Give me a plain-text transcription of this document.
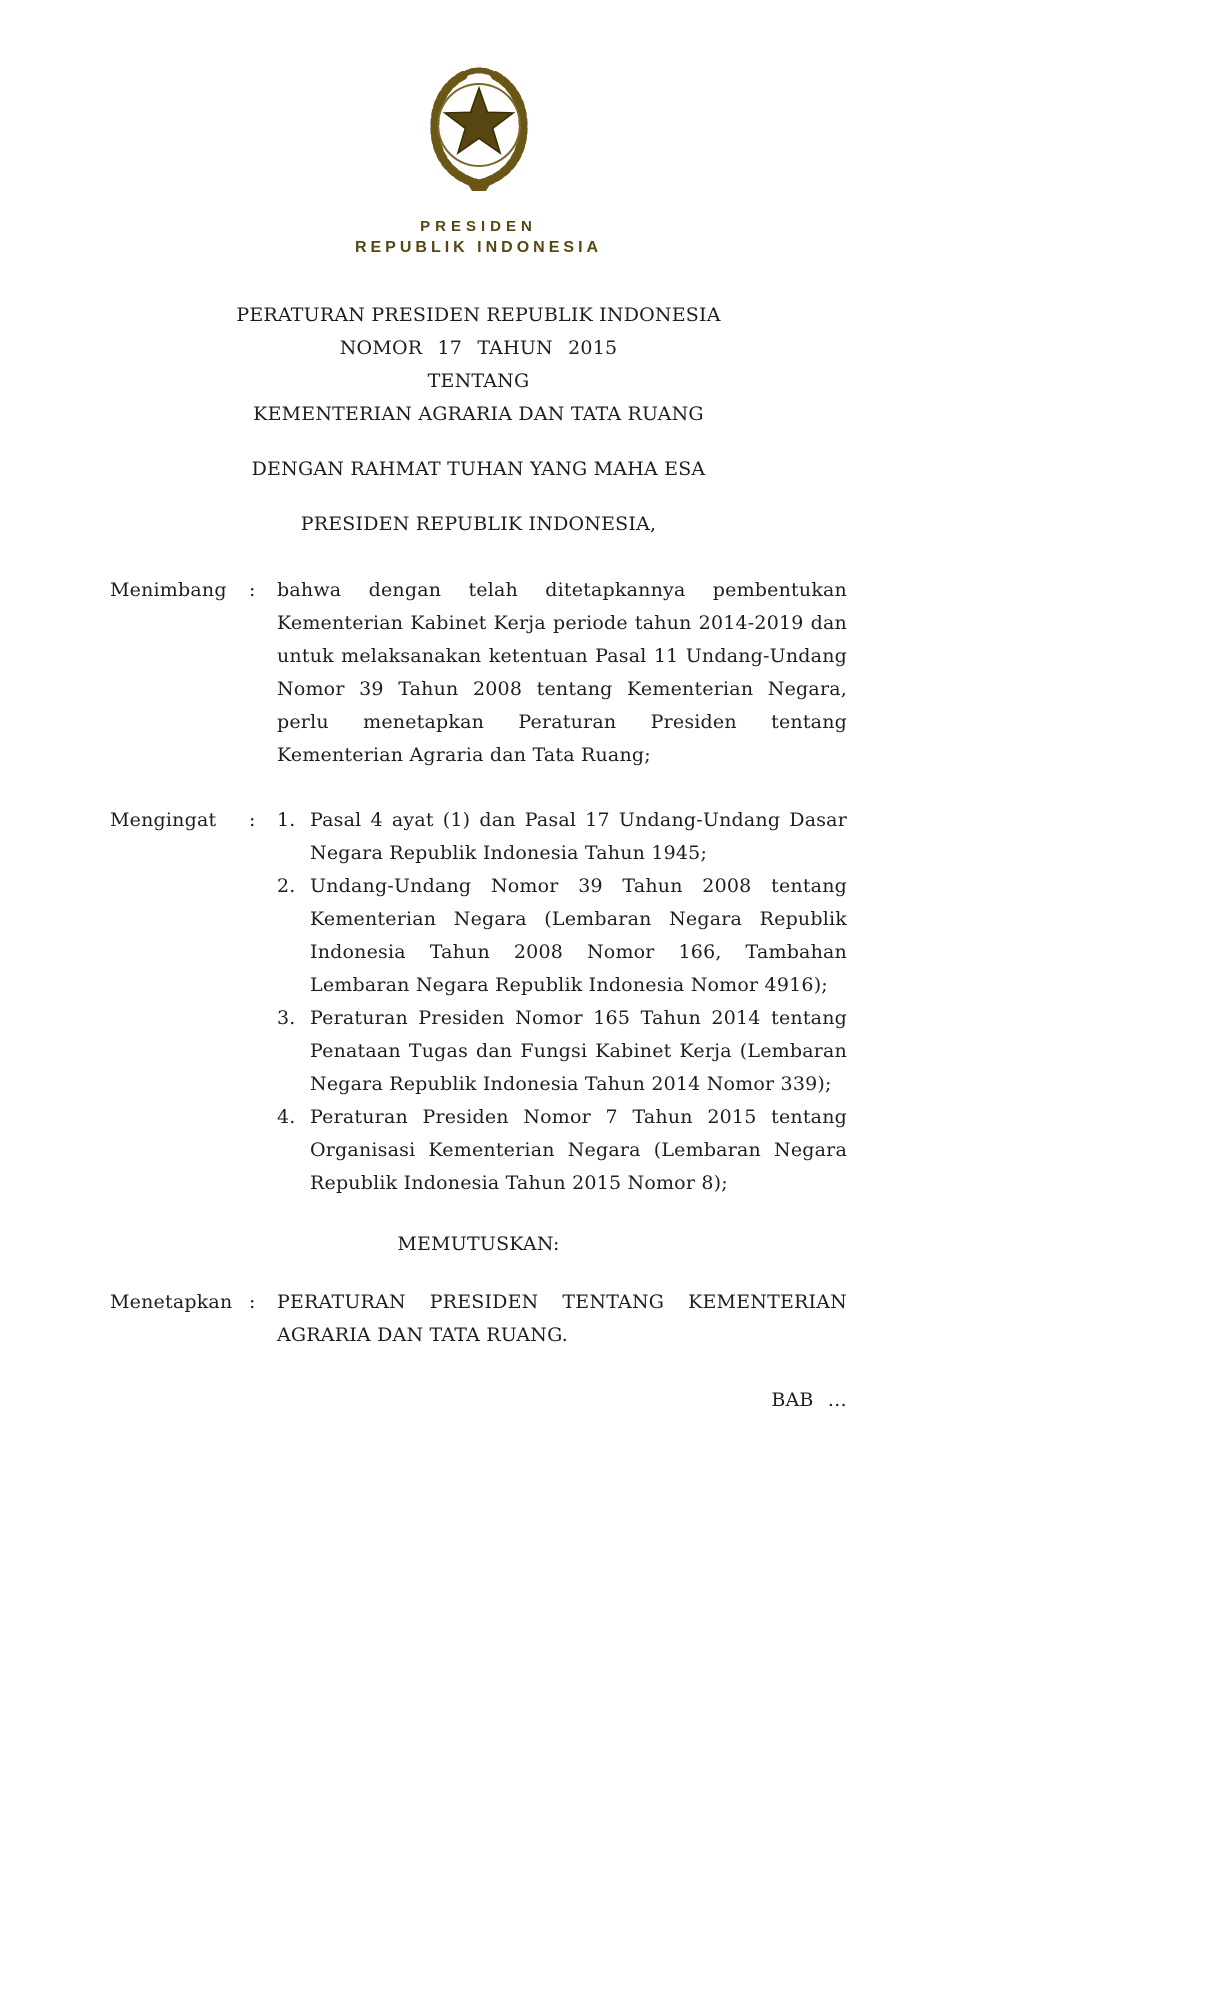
PRESIDEN
REPUBLIK INDONESIA
PERATURAN PRESIDEN REPUBLIK INDONESIA
NOMOR 17 TAHUN 2015
TENTANG
KEMENTERIAN AGRARIA DAN TATA RUANG
DENGAN RAHMAT TUHAN YANG MAHA ESA
PRESIDEN REPUBLIK INDONESIA,
Menimbang	:	bahwa dengan telah ditetapkannya pembentukan Kementerian Kabinet Kerja periode tahun 2014-2019 dan untuk melaksanakan ketentuan Pasal 11 Undang-Undang Nomor 39 Tahun 2008 tentang Kementerian Negara, perlu menetapkan Peraturan Presiden tentang Kementerian Agraria dan Tata Ruang;
Mengingat	:	1. Pasal 4 ayat (1) dan Pasal 17 Undang-Undang Dasar Negara Republik Indonesia Tahun 1945;
2. Undang-Undang Nomor 39 Tahun 2008 tentang Kementerian Negara (Lembaran Negara Republik Indonesia Tahun 2008 Nomor 166, Tambahan Lembaran Negara Republik Indonesia Nomor 4916);
3. Peraturan Presiden Nomor 165 Tahun 2014 tentang Penataan Tugas dan Fungsi Kabinet Kerja (Lembaran Negara Republik Indonesia Tahun 2014 Nomor 339);
4. Peraturan Presiden Nomor 7 Tahun 2015 tentang Organisasi Kementerian Negara (Lembaran Negara Republik Indonesia Tahun 2015 Nomor 8);
MEMUTUSKAN:
Menetapkan :	PERATURAN PRESIDEN TENTANG KEMENTERIAN AGRARIA DAN TATA RUANG.
BAB …
